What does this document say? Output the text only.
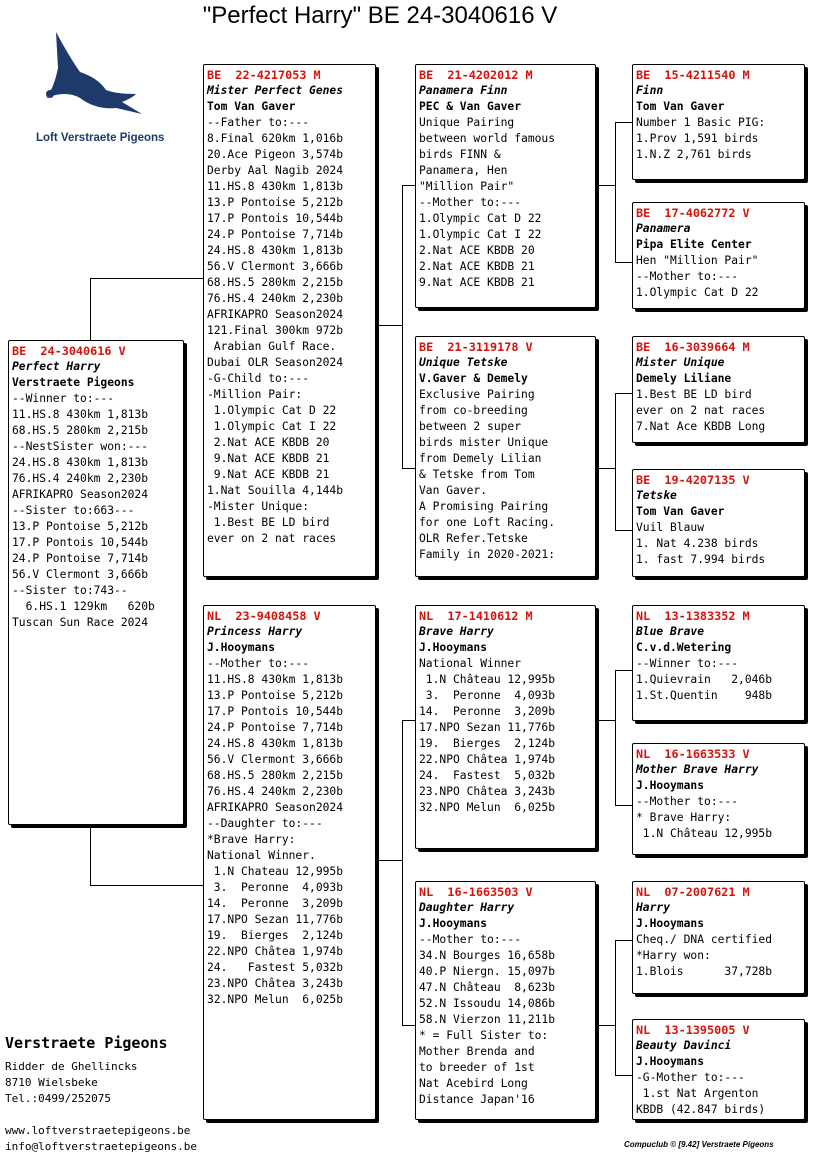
"Perfect Harry" BE 24-3040616 V
Loft Verstraete Pigeons
BE  24-3040616 V
Perfect Harry
Verstraete Pigeons
--Winner to:---
11.HS.8 430km 1,813b
68.HS.5 280km 2,215b
--NestSister won:---
24.HS.8 430km 1,813b
76.HS.4 240km 2,230b
AFRIKAPRO Season2024
--Sister to:663---
13.P Pontoise 5,212b
17.P Pontois 10,544b
24.P Pontoise 7,714b
56.V Clermont 3,666b
--Sister to:743--
6.HS.1 129km   620b
Tuscan Sun Race 2024
BE  22-4217053 M
Mister Perfect Genes
Tom Van Gaver
--Father to:---
8.Final 620km 1,016b
20.Ace Pigeon 3,574b
Derby Aal Nagib 2024
11.HS.8 430km 1,813b
13.P Pontoise 5,212b
17.P Pontois 10,544b
24.P Pontoise 7,714b
24.HS.8 430km 1,813b
56.V Clermont 3,666b
68.HS.5 280km 2,215b
76.HS.4 240km 2,230b
AFRIKAPRO Season2024
121.Final 300km 972b
Arabian Gulf Race.
Dubai OLR Season2024
-G-Child to:---
-Million Pair:
1.Olympic Cat D 22
1.Olympic Cat I 22
2.Nat ACE KBDB 20
9.Nat ACE KBDB 21
9.Nat ACE KBDB 21
1.Nat Souilla 4,144b
-Mister Unique:
1.Best BE LD bird
ever on 2 nat races
NL  23-9408458 V
Princess Harry
J.Hooymans
--Mother to:---
11.HS.8 430km 1,813b
13.P Pontoise 5,212b
17.P Pontois 10,544b
24.P Pontoise 7,714b
24.HS.8 430km 1,813b
56.V Clermont 3,666b
68.HS.5 280km 2,215b
76.HS.4 240km 2,230b
AFRIKAPRO Season2024
--Daughter to:---
*Brave Harry:
National Winner.
1.N Chateau 12,995b
3.  Peronne  4,093b
14.  Peronne  3,209b
17.NPO Sezan 11,776b
19.  Bierges  2,124b
22.NPO Châtea 1,974b
24.   Fastest 5,032b
23.NPO Châtea 3,243b
32.NPO Melun  6,025b
BE  21-4202012 M
Panamera Finn
PEC & Van Gaver
Unique Pairing
between world famous
birds FINN &
Panamera, Hen
"Million Pair"
--Mother to:---
1.Olympic Cat D 22
1.Olympic Cat I 22
2.Nat ACE KBDB 20
2.Nat ACE KBDB 21
9.Nat ACE KBDB 21
BE  21-3119178 V
Unique Tetske
V.Gaver & Demely
Exclusive Pairing
from co-breeding
between 2 super
birds mister Unique
from Demely Lilian
& Tetske from Tom
Van Gaver.
A Promising Pairing
for one Loft Racing.
OLR Refer.Tetske
Family in 2020-2021:
NL  17-1410612 M
Brave Harry
J.Hooymans
National Winner
1.N Château 12,995b
3.  Peronne  4,093b
14.  Peronne  3,209b
17.NPO Sezan 11,776b
19.  Bierges  2,124b
22.NPO Châtea 1,974b
24.  Fastest  5,032b
23.NPO Châtea 3,243b
32.NPO Melun  6,025b
NL  16-1663503 V
Daughter Harry
J.Hooymans
--Mother to:---
34.N Bourges 16,658b
40.P Niergn. 15,097b
47.N Château  8,623b
52.N Issoudu 14,086b
58.N Vierzon 11,211b
* = Full Sister to:
Mother Brenda and
to breeder of 1st
Nat Acebird Long
Distance Japan'16
BE  15-4211540 M
Finn
Tom Van Gaver
Number 1 Basic PIG:
1.Prov 1,591 birds
1.N.Z 2,761 birds
BE  17-4062772 V
Panamera
Pipa Elite Center
Hen "Million Pair"
--Mother to:---
1.Olympic Cat D 22
BE  16-3039664 M
Mister Unique
Demely Liliane
1.Best BE LD bird
ever on 2 nat races
7.Nat Ace KBDB Long
BE  19-4207135 V
Tetske
Tom Van Gaver
Vuil Blauw
1. Nat 4.238 birds
1. fast 7.994 birds
NL  13-1383352 M
Blue Brave
C.v.d.Wetering
--Winner to:---
1.Quievrain   2,046b
1.St.Quentin    948b
NL  16-1663533 V
Mother Brave Harry
J.Hooymans
--Mother to:---
* Brave Harry:
1.N Château 12,995b
NL  07-2007621 M
Harry
J.Hooymans
Cheq./ DNA certified
*Harry won:
1.Blois      37,728b
NL  13-1395005 V
Beauty Davinci
J.Hooymans
-G-Mother to:---
1.st Nat Argenton
KBDB (42.847 birds)
Verstraete Pigeons
Ridder de Ghellincks
8710 Wielsbeke
Tel.:0499/252075
www.loftverstraetepigeons.be
info@loftverstraetepigeons.be	Compuclub © [9.42] Verstraete Pigeons
